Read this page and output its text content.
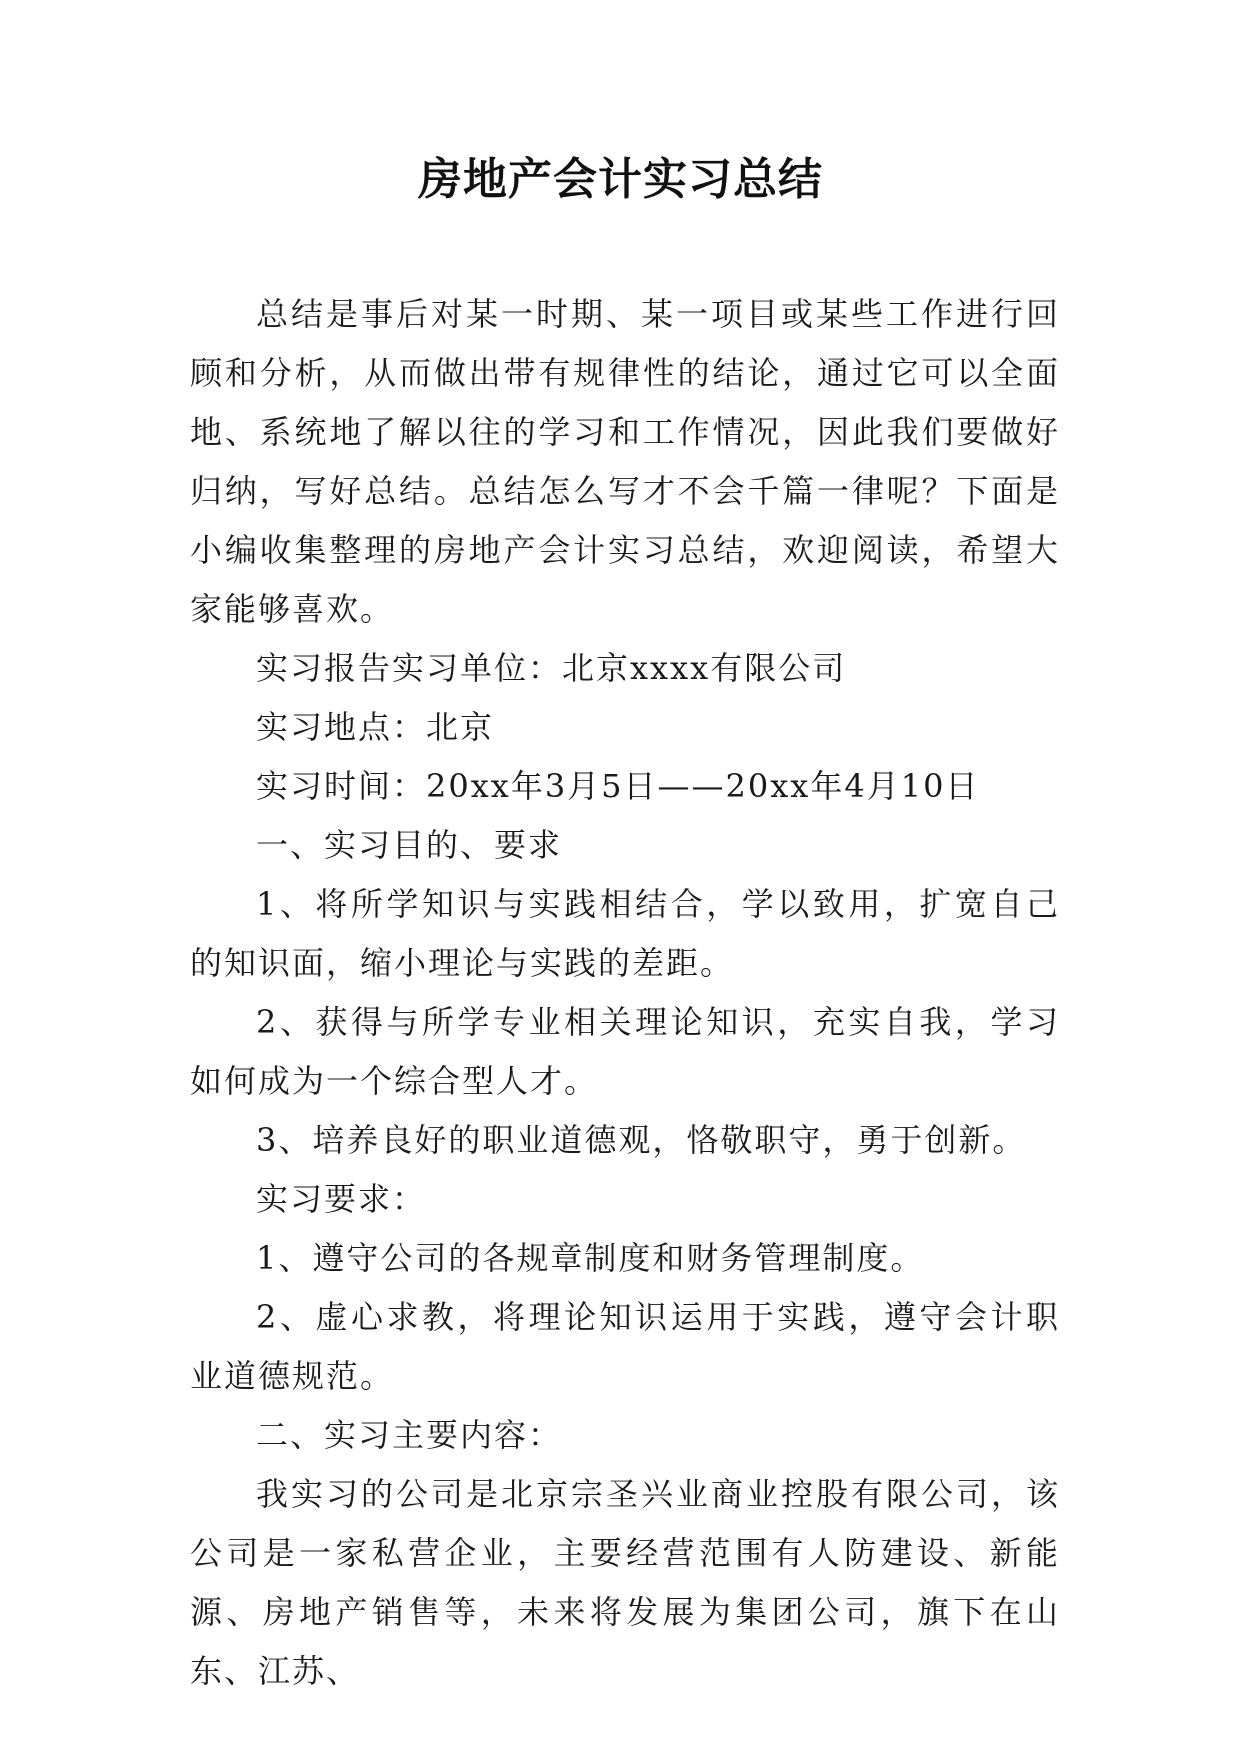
房地产会计实习总结

总结是事后对某一时期、某一项目或某些工作进行回顾和分析，从而做出带有规律性的结论，通过它可以全面地、系统地了解以往的学习和工作情况，因此我们要做好归纳，写好总结。总结怎么写才不会千篇一律呢？下面是小编收集整理的房地产会计实习总结，欢迎阅读，希望大家能够喜欢。

实习报告实习单位：北京xxxx有限公司

实习地点：北京

实习时间：20xx年3月5日——20xx年4月10日

一、实习目的、要求

1、将所学知识与实践相结合，学以致用，扩宽自己的知识面，缩小理论与实践的差距。

2、获得与所学专业相关理论知识，充实自我，学习如何成为一个综合型人才。

3、培养良好的职业道德观，恪敬职守，勇于创新。

实习要求：

1、遵守公司的各规章制度和财务管理制度。

2、虚心求教，将理论知识运用于实践，遵守会计职业道德规范。

二、实习主要内容：

我实习的公司是北京宗圣兴业商业控股有限公司，该公司是一家私营企业，主要经营范围有人防建设、新能源、房地产销售等，未来将发展为集团公司，旗下在山东、江苏、
